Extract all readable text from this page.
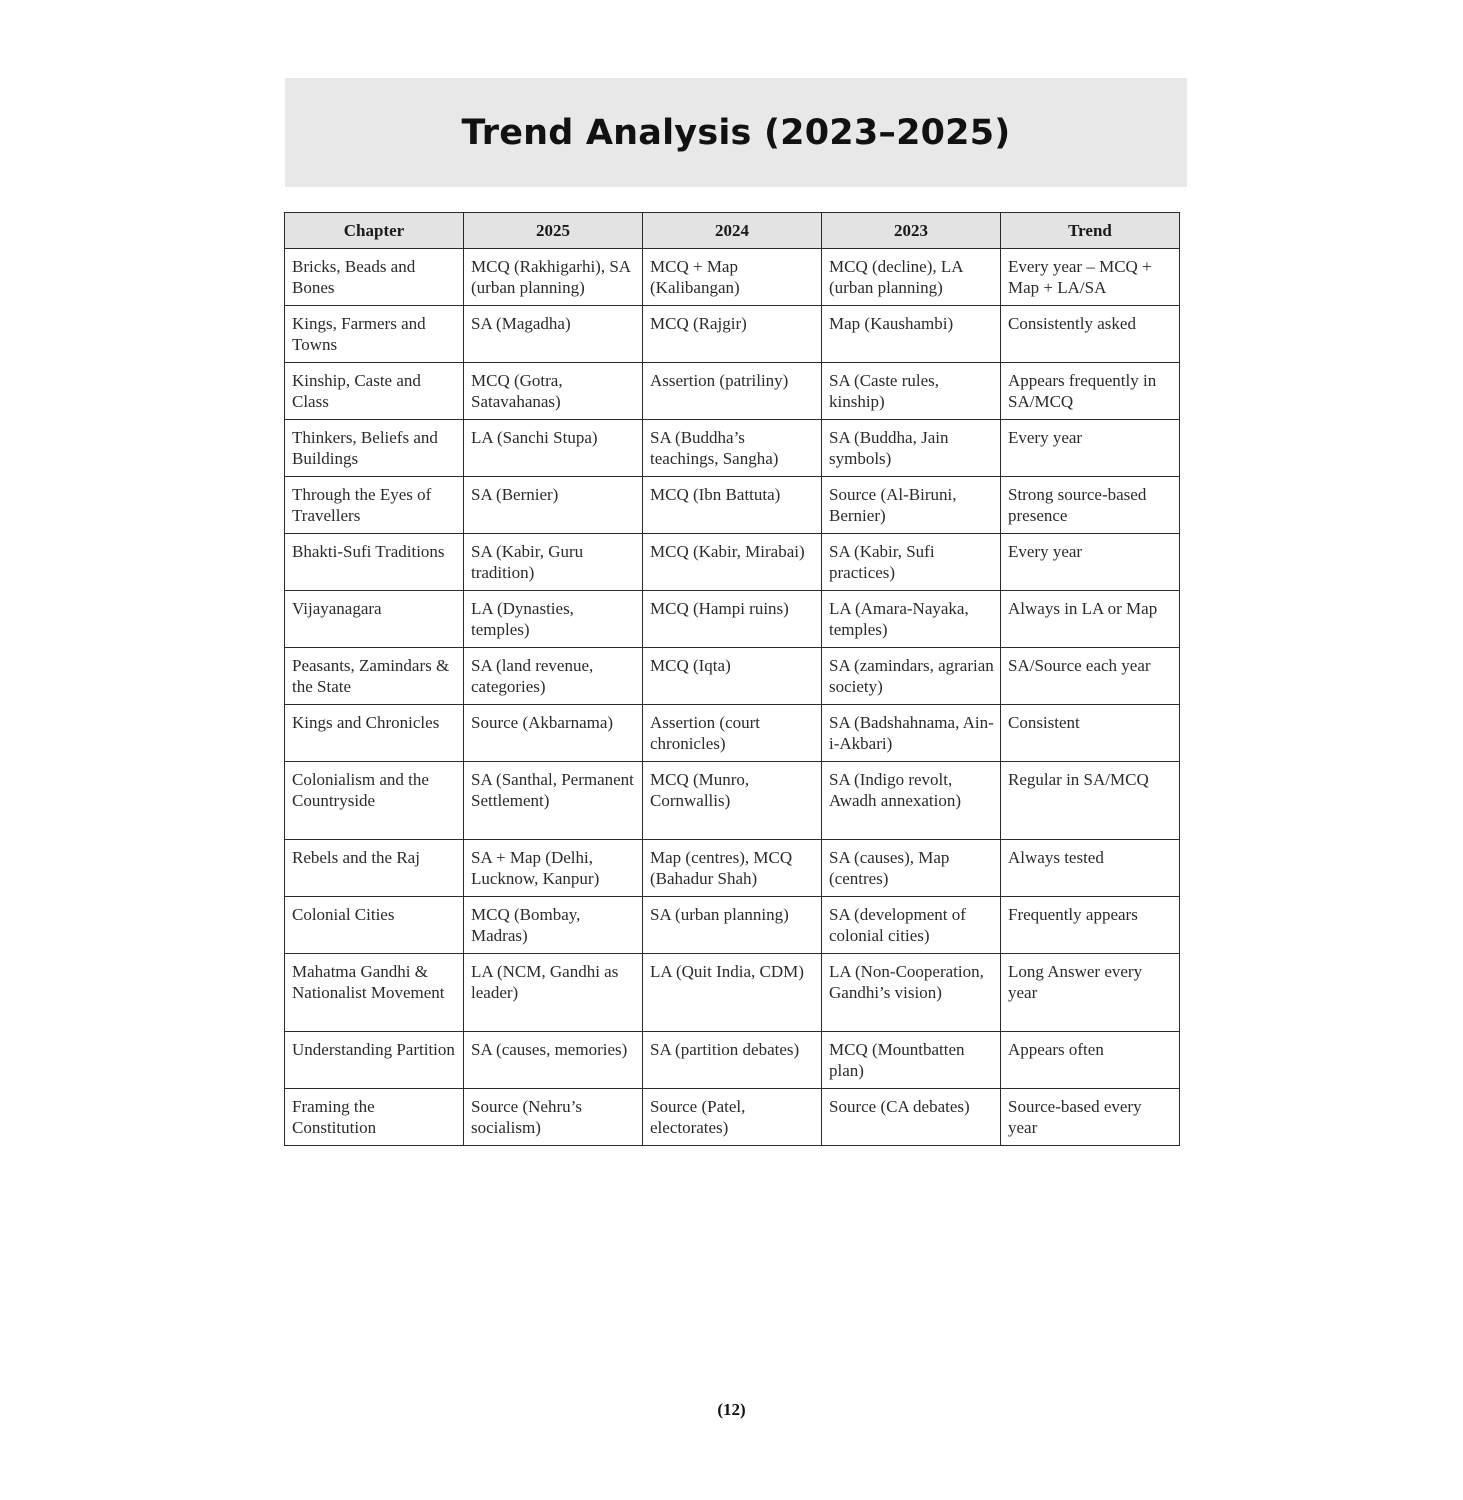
Trend Analysis (2023–2025)
Chapter	2025	2024	2023	Trend
Bricks, Beads and Bones	MCQ (Rakhigarhi), SA (urban planning)	MCQ + Map (Kalibangan)	MCQ (decline), LA (urban planning)	Every year – MCQ + Map + LA/SA
Kings, Farmers and Towns	SA (Magadha)	MCQ (Rajgir)	Map (Kaushambi)	Consistently asked
Kinship, Caste and Class	MCQ (Gotra, Satavahanas)	Assertion (patriliny)	SA (Caste rules, kinship)	Appears frequently in SA/MCQ
Thinkers, Beliefs and Buildings	LA (Sanchi Stupa)	SA (Buddha’s teachings, Sangha)	SA (Buddha, Jain symbols)	Every year
Through the Eyes of Travellers	SA (Bernier)	MCQ (Ibn Battuta)	Source (Al-Biruni, Bernier)	Strong source-based presence
Bhakti-Sufi Traditions	SA (Kabir, Guru tradition)	MCQ (Kabir, Mirabai)	SA (Kabir, Sufi practices)	Every year
Vijayanagara	LA (Dynasties, temples)	MCQ (Hampi ruins)	LA (Amara-Nayaka, temples)	Always in LA or Map
Peasants, Zamindars & the State	SA (land revenue, categories)	MCQ (Iqta)	SA (zamindars, agrarian society)	SA/Source each year
Kings and Chronicles	Source (Akbarnama)	Assertion (court chronicles)	SA (Badshahnama, Ain-i-Akbari)	Consistent
Colonialism and the Countryside	SA (Santhal, Permanent Settlement)	MCQ (Munro, Cornwallis)	SA (Indigo revolt, Awadh annexation)	Regular in SA/MCQ
Rebels and the Raj	SA + Map (Delhi, Lucknow, Kanpur)	Map (centres), MCQ (Bahadur Shah)	SA (causes), Map (centres)	Always tested
Colonial Cities	MCQ (Bombay, Madras)	SA (urban planning)	SA (development of colonial cities)	Frequently appears
Mahatma Gandhi & Nationalist Movement	LA (NCM, Gandhi as leader)	LA (Quit India, CDM)	LA (Non-Cooperation, Gandhi’s vision)	Long Answer every year
Understanding Partition	SA (causes, memories)	SA (partition debates)	MCQ (Mountbatten plan)	Appears often
Framing the Constitution	Source (Nehru’s socialism)	Source (Patel, electorates)	Source (CA debates)	Source-based every year
(12)
